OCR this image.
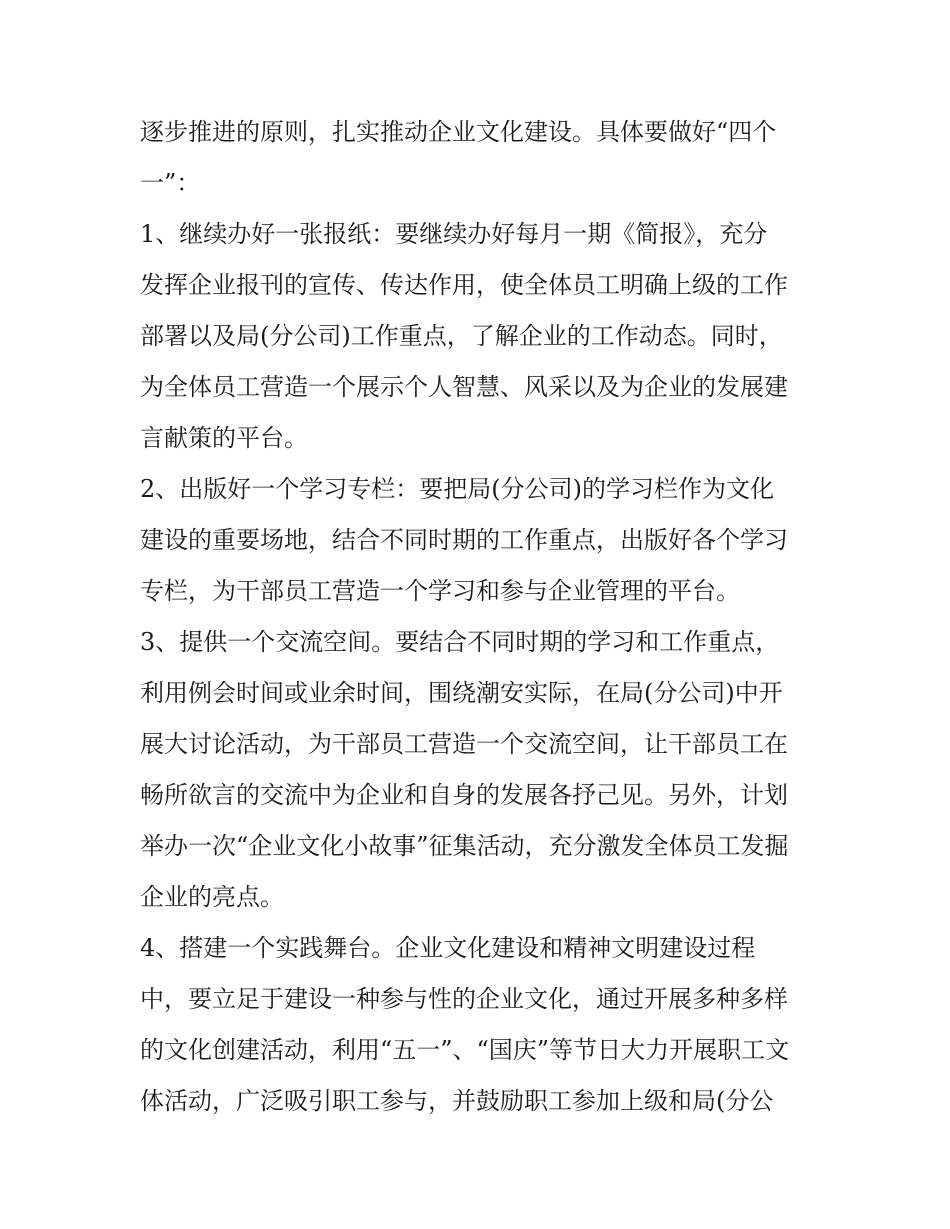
逐步推进的原则，扎实推动企业文化建设。具体要做好“四个
一”：
1、继续办好一张报纸：要继续办好每月一期《简报》，充分
发挥企业报刊的宣传、传达作用，使全体员工明确上级的工作
部署以及局(分公司)工作重点，了解企业的工作动态。同时，
为全体员工营造一个展示个人智慧、风采以及为企业的发展建
言献策的平台。
2、出版好一个学习专栏：要把局(分公司)的学习栏作为文化
建设的重要场地，结合不同时期的工作重点，出版好各个学习
专栏，为干部员工营造一个学习和参与企业管理的平台。
3、提供一个交流空间。要结合不同时期的学习和工作重点，
利用例会时间或业余时间，围绕潮安实际，在局(分公司)中开
展大讨论活动，为干部员工营造一个交流空间，让干部员工在
畅所欲言的交流中为企业和自身的发展各抒己见。另外，计划
举办一次“企业文化小故事”征集活动，充分激发全体员工发掘
企业的亮点。
4、搭建一个实践舞台。企业文化建设和精神文明建设过程
中，要立足于建设一种参与性的企业文化，通过开展多种多样
的文化创建活动，利用“五一”、“国庆”等节日大力开展职工文
体活动，广泛吸引职工参与，并鼓励职工参加上级和局(分公
